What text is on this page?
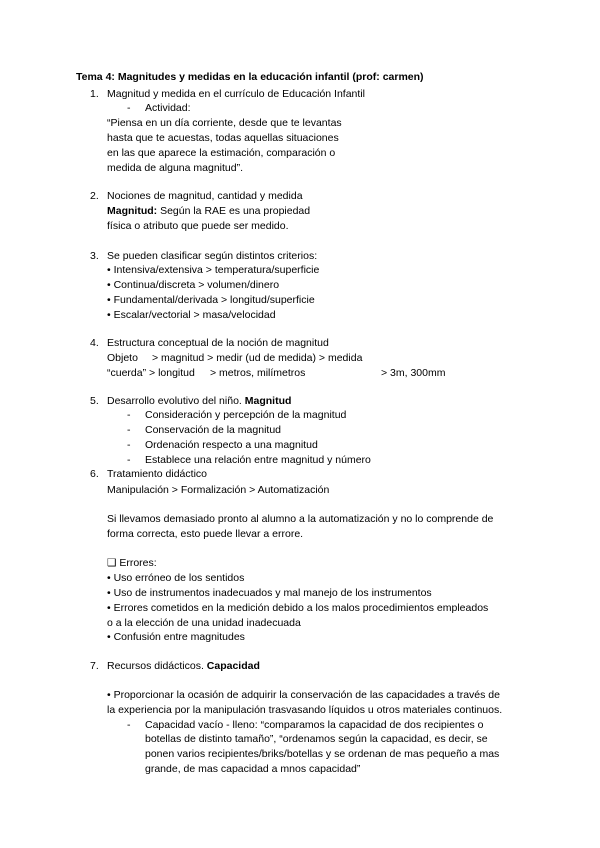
Tema 4: Magnitudes y medidas en la educación infantil (prof: carmen)
1. Magnitud y medida en el currículo de Educación Infantil
- Actividad:
“Piensa en un día corriente, desde que te levantas
hasta que te acuestas, todas aquellas situaciones
en las que aparece la estimación, comparación o
medida de alguna magnitud”.
2. Nociones de magnitud, cantidad y medida
Magnitud: Según la RAE es una propiedad
física o atributo que puede ser medido.
3. Se pueden clasificar según distintos criterios:
• Intensiva/extensiva > temperatura/superficie
• Continua/discreta > volumen/dinero
• Fundamental/derivada > longitud/superficie
• Escalar/vectorial > masa/velocidad
4. Estructura conceptual de la noción de magnitud
Objeto > magnitud > medir (ud de medida) > medida
“cuerda” > longitud > metros, milímetros	> 3m, 300mm
5. Desarrollo evolutivo del niño. Magnitud
- Consideración y percepción de la magnitud
- Conservación de la magnitud
- Ordenación respecto a una magnitud
- Establece una relación entre magnitud y número
6. Tratamiento didáctico
Manipulación > Formalización > Automatización
Si llevamos demasiado pronto al alumno a la automatización y no lo comprende de
forma correcta, esto puede llevar a errore.
❑ Errores:
• Uso erróneo de los sentidos
• Uso de instrumentos inadecuados y mal manejo de los instrumentos
• Errores cometidos en la medición debido a los malos procedimientos empleados
o a la elección de una unidad inadecuada
• Confusión entre magnitudes
7. Recursos didácticos. Capacidad
• Proporcionar la ocasión de adquirir la conservación de las capacidades a través de
la experiencia por la manipulación trasvasando líquidos u otros materiales continuos.
- Capacidad vacío - lleno: “comparamos la capacidad de dos recipientes o
botellas de distinto tamaño”, “ordenamos según la capacidad, es decir, se
ponen varios recipientes/briks/botellas y se ordenan de mas pequeño a mas
grande, de mas capacidad a mnos capacidad”
